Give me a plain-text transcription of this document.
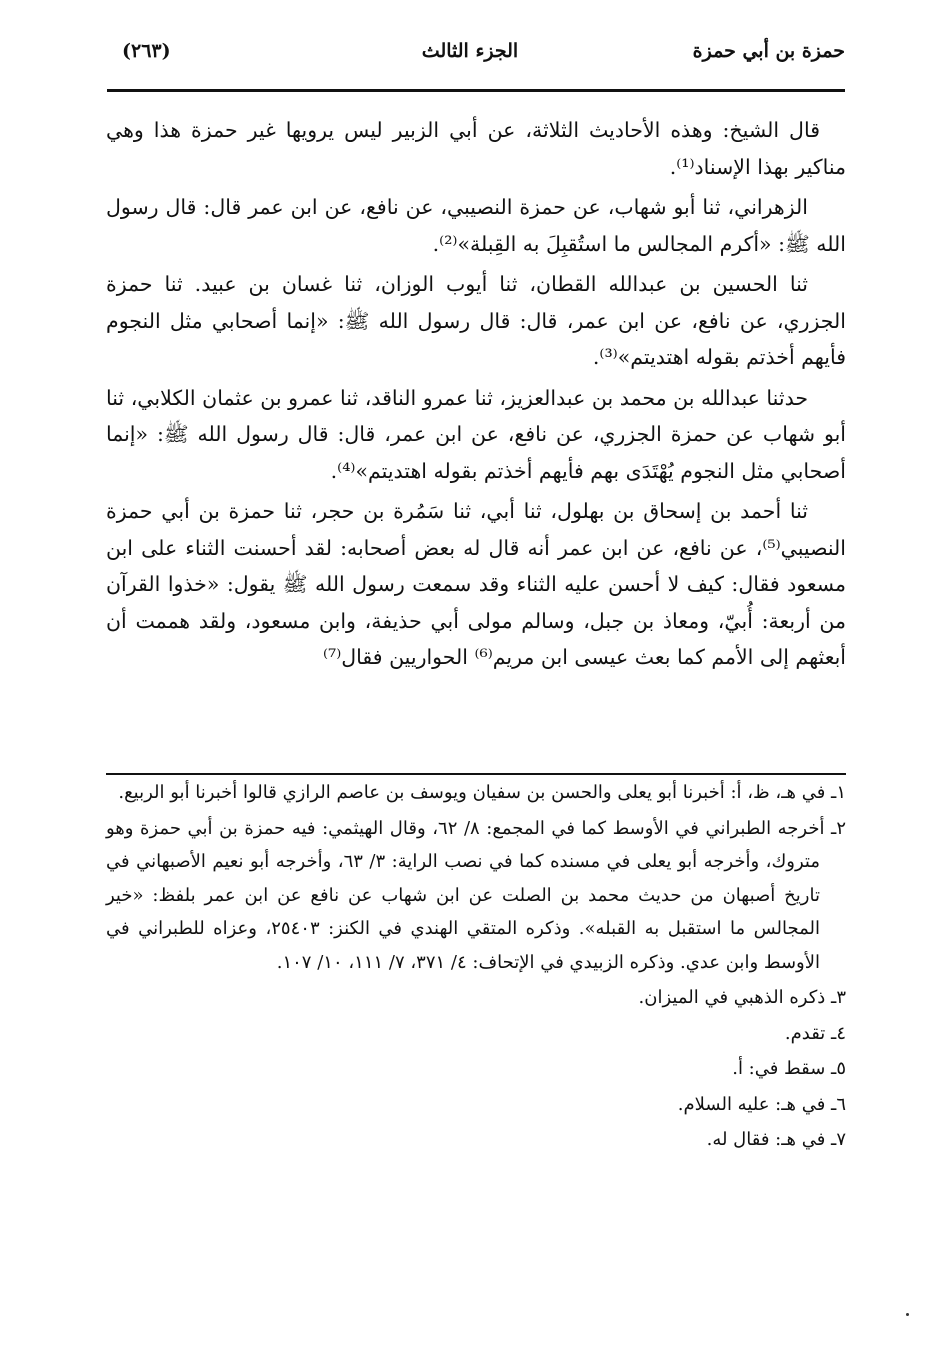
حمزة بن أبي حمزة
الجزء الثالث
(٢٦٣)

قال الشيخ: وهذه الأحاديث الثلاثة، عن أبي الزبير ليس يرويها غير حمزة هذا وهي مناكير بهذا الإسناد⁽¹⁾.

الزهراني، ثنا أبو شهاب، عن حمزة النصيبي، عن نافع، عن ابن عمر قال: قال رسول الله ﷺ: «أكرم المجالس ما استُقبِلَ به القِبلة»⁽²⁾.

ثنا الحسين بن عبدالله القطان، ثنا أيوب الوزان، ثنا غسان بن عبيد. ثنا حمزة الجزري، عن نافع، عن ابن عمر، قال: قال رسول الله ﷺ: «إنما أصحابي مثل النجوم فأيهم أخذتم بقوله اهتديتم»⁽³⁾.

حدثنا عبدالله بن محمد بن عبدالعزيز، ثنا عمرو الناقد، ثنا عمرو بن عثمان الكلابي، ثنا أبو شهاب عن حمزة الجزري، عن نافع، عن ابن عمر، قال: قال رسول الله ﷺ: «إنما أصحابي مثل النجوم يُهْتَدَى بهم فأيهم أخذتم بقوله اهتديتم»⁽⁴⁾.

ثنا أحمد بن إسحاق بن بهلول، ثنا أبي، ثنا سَمُرة بن حجر، ثنا حمزة بن أبي حمزة النصيبي⁽⁵⁾، عن نافع، عن ابن عمر أنه قال له بعض أصحابه: لقد أحسنت الثناء على ابن مسعود فقال: كيف لا أحسن عليه الثناء وقد سمعت رسول الله ﷺ يقول: «خذوا القرآن من أربعة: أُبيّ، ومعاذ بن جبل، وسالم مولى أبي حذيفة، وابن مسعود، ولقد هممت أن أبعثهم إلى الأمم كما بعث عيسى ابن مريم⁽⁶⁾ الحواريين فقال⁽⁷⁾

١ـ في هـ، ظ، أ: أخبرنا أبو يعلى والحسن بن سفيان ويوسف بن عاصم الرازي قالوا أخبرنا أبو الربيع.
٢ـ أخرجه الطبراني في الأوسط كما في المجمع: ٨/ ٦٢، وقال الهيثمي: فيه حمزة بن أبي حمزة وهو متروك، وأخرجه أبو يعلى في مسنده كما في نصب الراية: ٣/ ٦٣، وأخرجه أبو نعيم الأصبهاني في تاريخ أصبهان من حديث محمد بن الصلت عن ابن شهاب عن نافع عن ابن عمر بلفظ: «خير المجالس ما استقبل به القبله». وذكره المتقي الهندي في الكنز: ٢٥٤٠٣، وعزاه للطبراني في الأوسط وابن عدي. وذكره الزبيدي في الإتحاف: ٤/ ٣٧١، ٧/ ١١١، ١٠/ ١٠٧.
٣ـ ذكره الذهبي في الميزان.
٤ـ تقدم.
٥ـ سقط في: أ.
٦ـ في هـ: عليه السلام.
٧ـ في هـ: فقال له.
